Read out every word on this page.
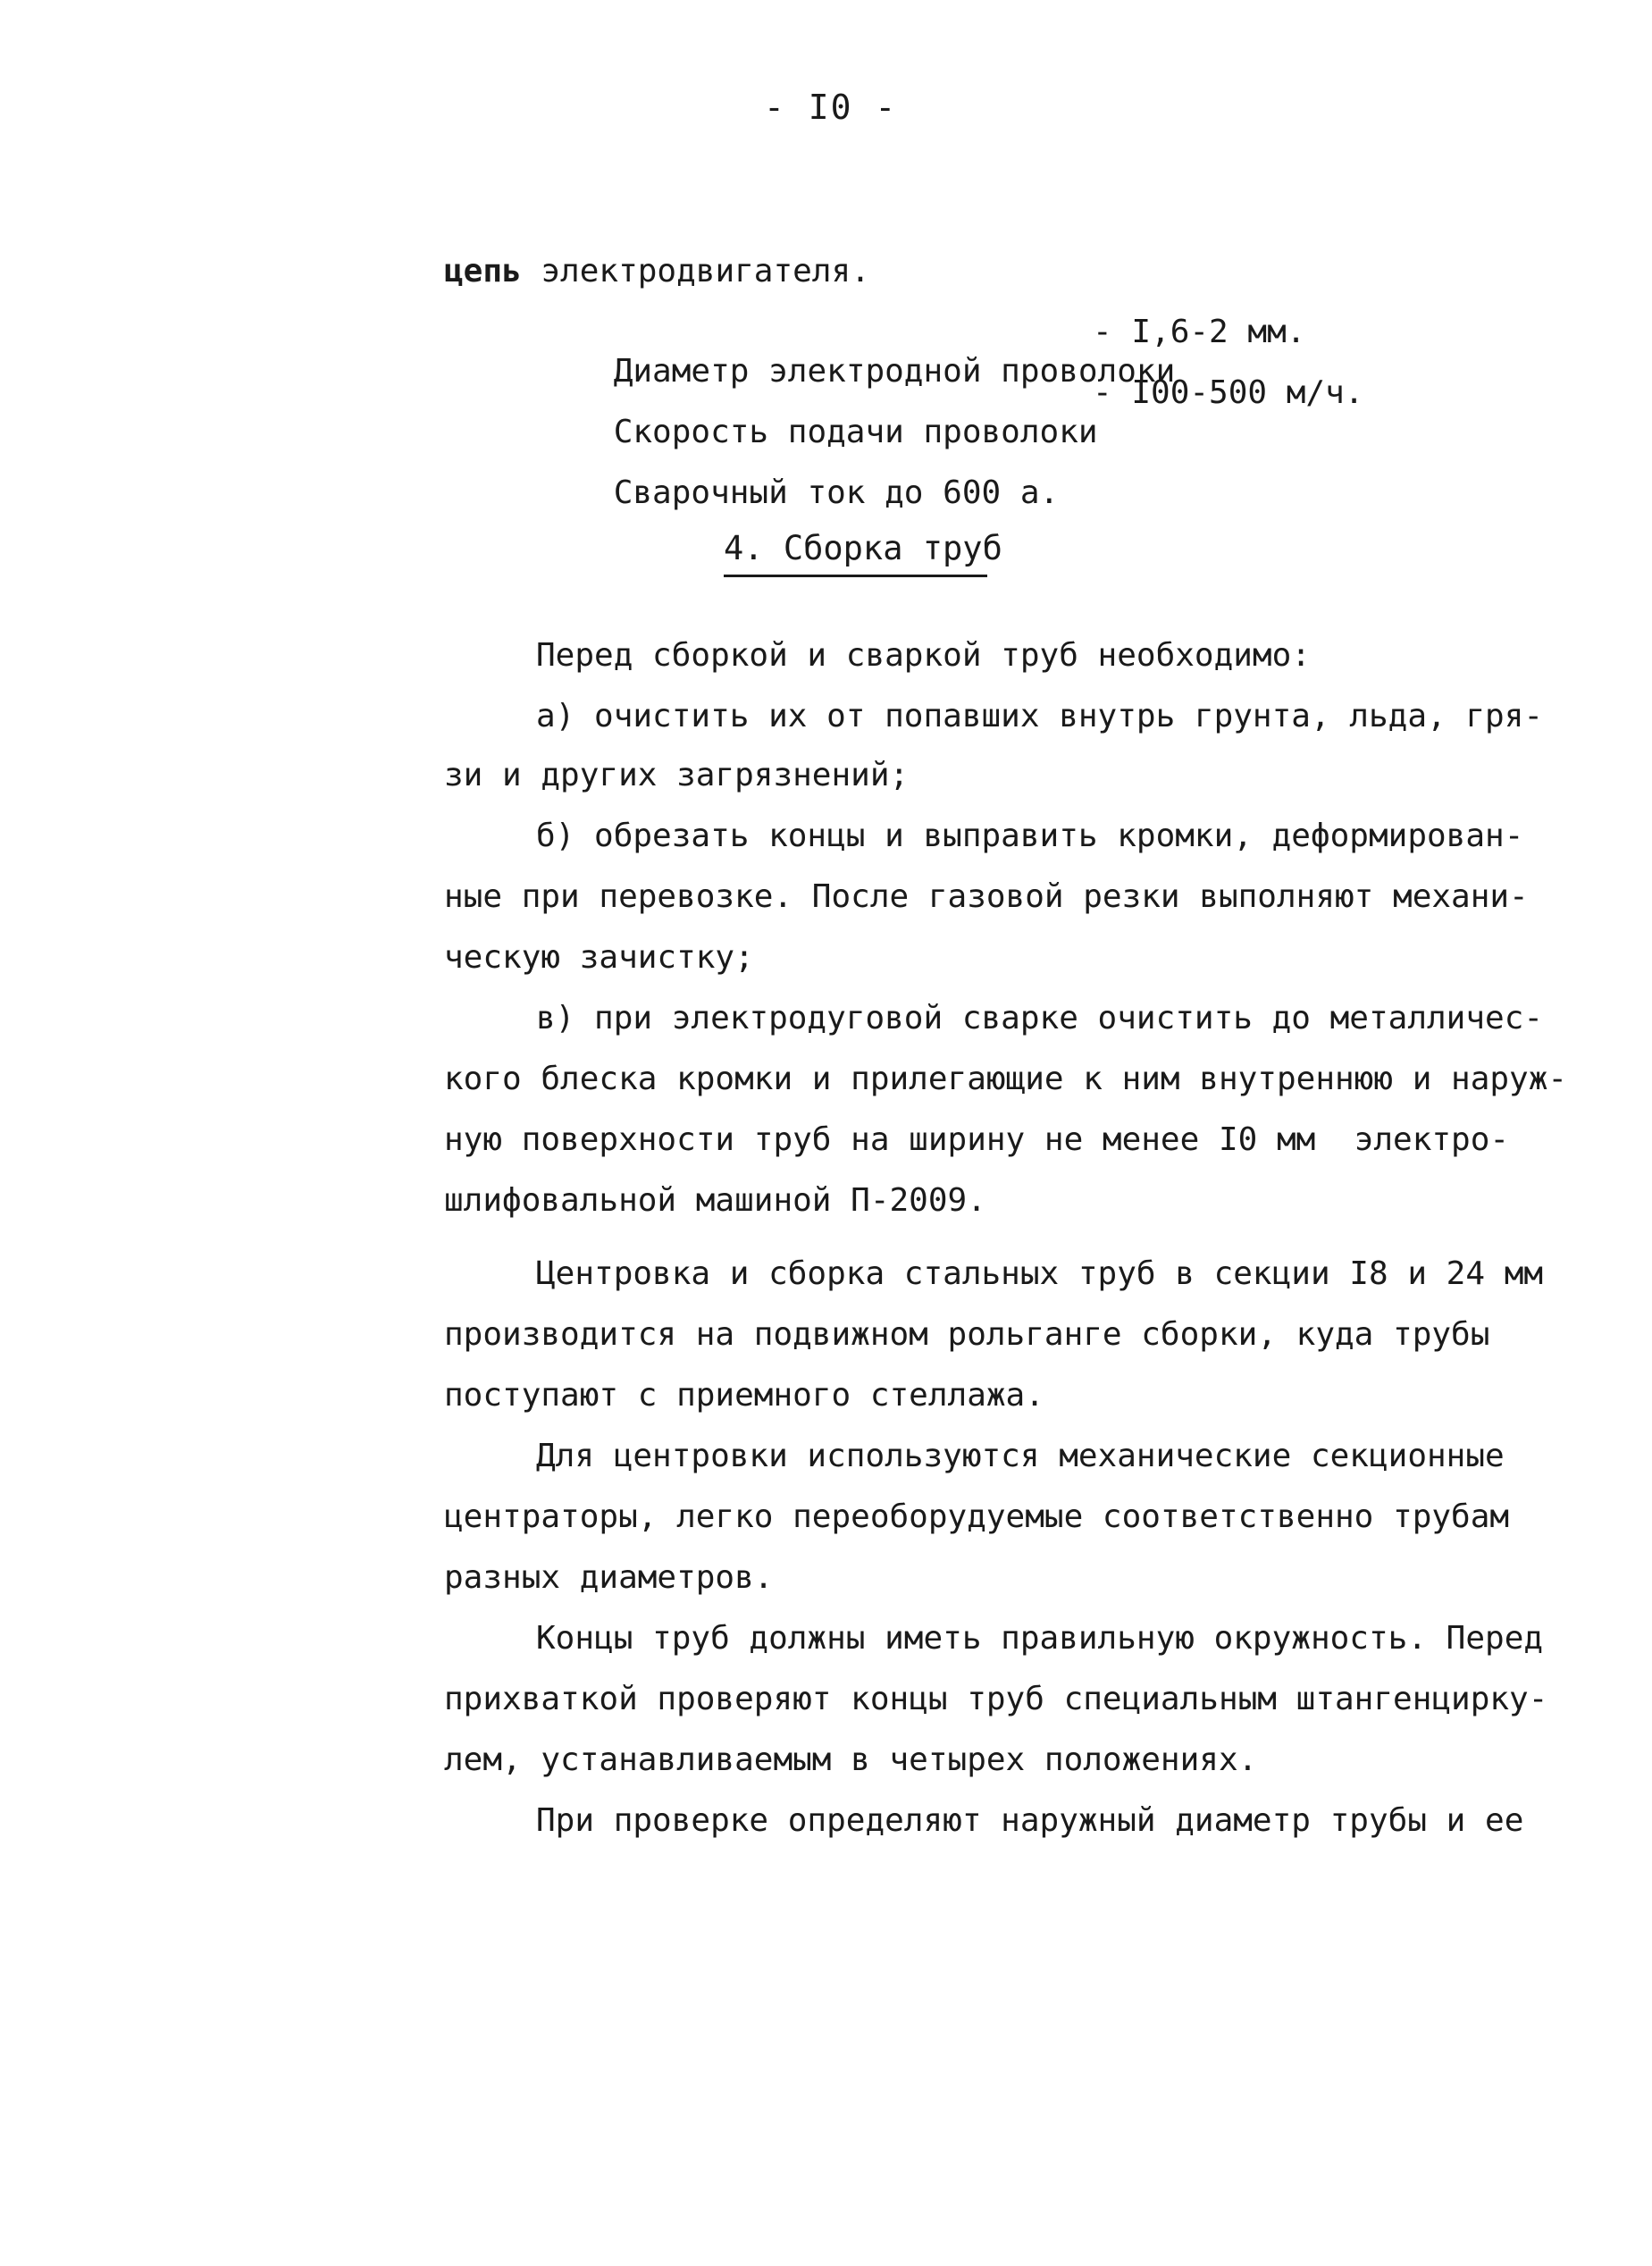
- I0 -
цепь электродвигателя.

Диаметр электродной проволоки

- I,6-2 мм.

Скорость подачи проволоки

- I00-500 м/ч.

Сварочный ток до 600 а.

4. Сборка труб
Перед сборкой и сваркой труб необходимо:
а) очистить их от попавших внутрь грунта, льда, гря-
зи и других загрязнений;
б) обрезать концы и выправить кромки, деформирован-
ные при перевозке. После газовой резки выполняют механи-
ческую зачистку;
в) при электродуговой сварке очистить до металличес-
кого блеска кромки и прилегающие к ним внутреннюю и наруж-
ную поверхности труб на ширину не менее I0 мм  электро-
шлифовальной машиной П-2009.
Центровка и сборка стальных труб в секции I8 и 24 мм
производится на подвижном рольганге сборки, куда трубы
поступают с приемного стеллажа.
Для центровки используются механические секционные
центраторы, легко переоборудуемые соответственно трубам
разных диаметров.
Концы труб должны иметь правильную окружность. Перед
прихваткой проверяют концы труб специальным штангенцирку-
лем, устанавливаемым в четырех положениях.
При проверке определяют наружный диаметр трубы и ее
